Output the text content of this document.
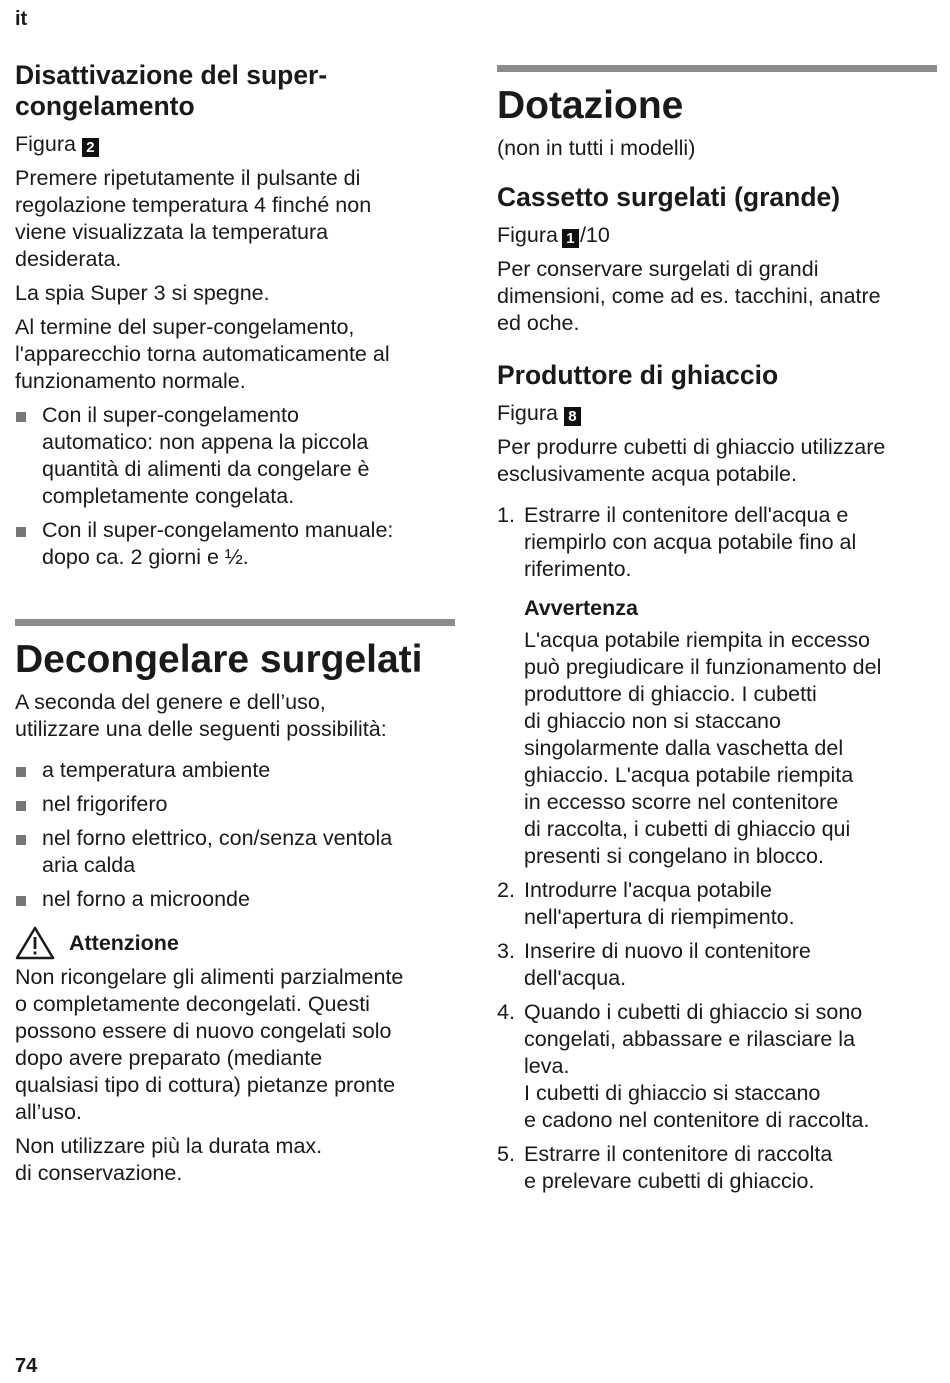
it
Disattivazione del super-
congelamento

Figura 2

Premere ripetutamente il pulsante di
regolazione temperatura 4 finché non
viene visualizzata la temperatura
desiderata.

La spia Super 3 si spegne.

Al termine del super-congelamento,
l'apparecchio torna automaticamente al
funzionamento normale.

Con il super-congelamento
automatico: non appena la piccola
quantità di alimenti da congelare è
completamente congelata.
Con il super-congelamento manuale:
dopo ca. 2 giorni e ½.
Decongelare surgelati

A seconda del genere e dell’uso,
utilizzare una delle seguenti possibilità:

a temperatura ambiente
nel frigorifero
nel forno elettrico, con/senza ventola
aria calda
nel forno a microonde
Attenzione

Non ricongelare gli alimenti parzialmente
o completamente decongelati. Questi
possono essere di nuovo congelati solo
dopo avere preparato (mediante
qualsiasi tipo di cottura) pietanze pronte
all’uso.

Non utilizzare più la durata max.
di conservazione.

Dotazione

(non in tutti i modelli)

Cassetto surgelati (grande)

Figura 1 /10

Per conservare surgelati di grandi
dimensioni, come ad es. tacchini, anatre
ed oche.

Produttore di ghiaccio

Figura 8

Per produrre cubetti di ghiaccio utilizzare
esclusivamente acqua potabile.

1. Estrarre il contenitore dell'acqua e
riempirlo con acqua potabile fino al
riferimento.
Avvertenza
L'acqua potabile riempita in eccesso
può pregiudicare il funzionamento del
produttore di ghiaccio. I cubetti
di ghiaccio non si staccano
singolarmente dalla vaschetta del
ghiaccio. L'acqua potabile riempita
in eccesso scorre nel contenitore
di raccolta, i cubetti di ghiaccio qui
presenti si congelano in blocco.
2. Introdurre l'acqua potabile
nell'apertura di riempimento.
3. Inserire di nuovo il contenitore
dell'acqua.
4. Quando i cubetti di ghiaccio si sono
congelati, abbassare e rilasciare la
leva.
I cubetti di ghiaccio si staccano
e cadono nel contenitore di raccolta.
5. Estrarre il contenitore di raccolta
e prelevare cubetti di ghiaccio.
74
